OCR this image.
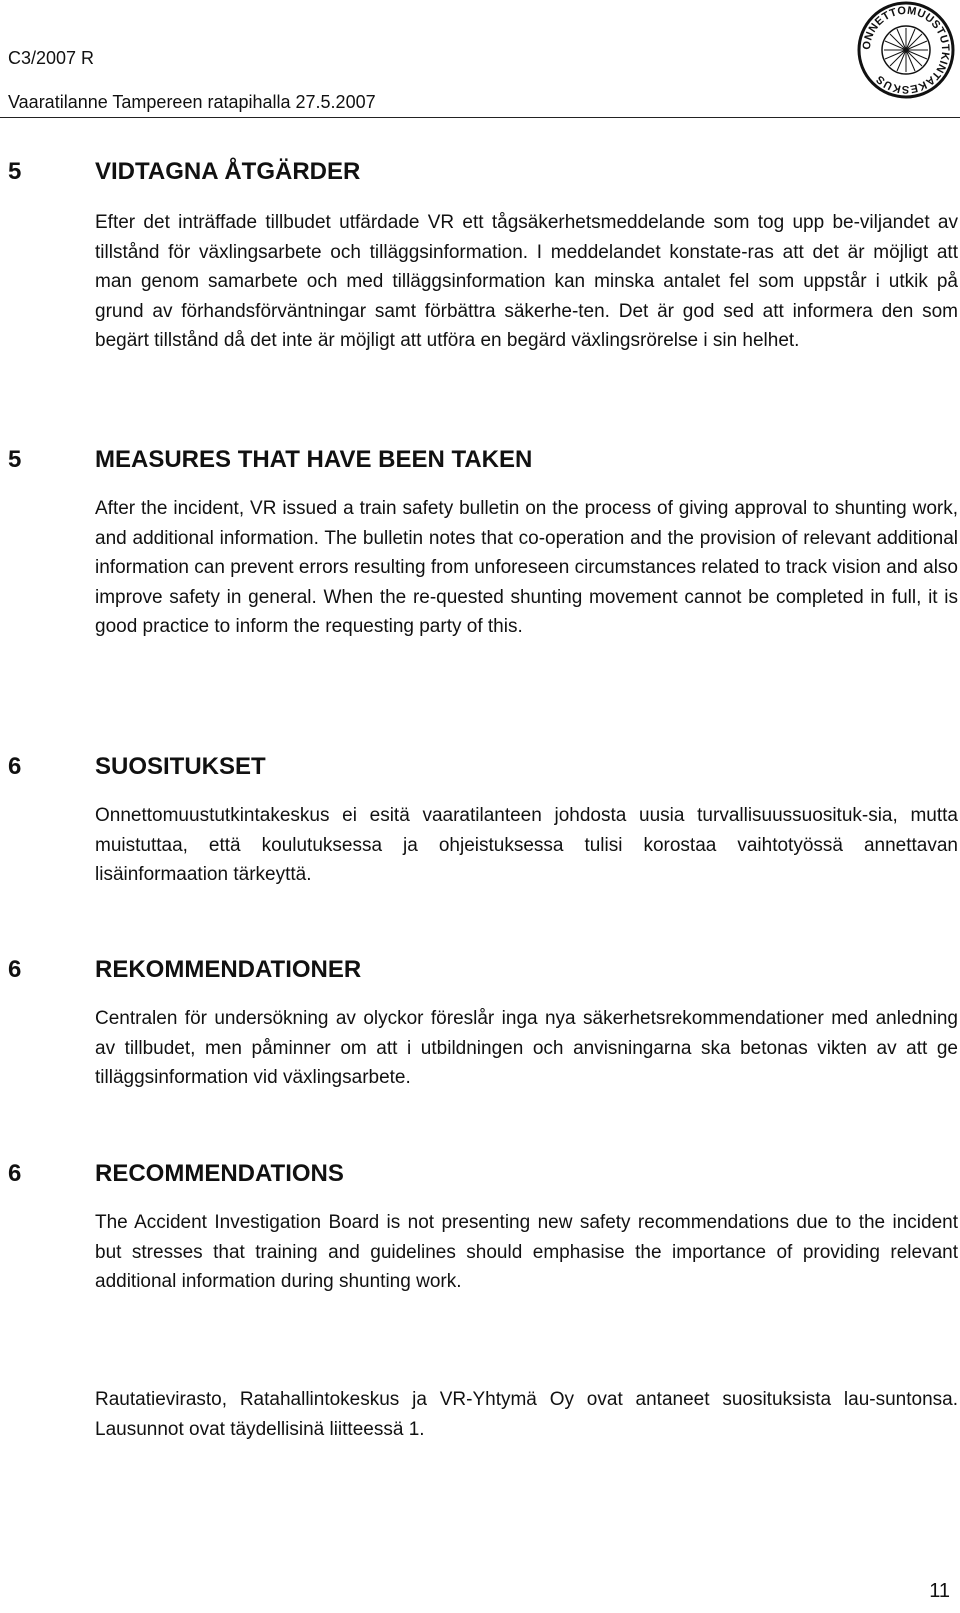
C3/2007 R
Vaaratilanne Tampereen ratapihalla 27.5.2007
ONNETTOMUUSTUTKINTAKESKUS
5	VIDTAGNA ÅTGÄRDER
Efter det inträffade tillbudet utfärdade VR ett tågsäkerhetsmeddelande som tog upp be-viljandet av tillstånd för växlingsarbete och tilläggsinformation. I meddelandet konstate-ras att det är möjligt att man genom samarbete och med tilläggsinformation kan minska antalet fel som uppstår i utkik på grund av förhandsförväntningar samt förbättra säkerhe-ten. Det är god sed att informera den som begärt tillstånd då det inte är möjligt att utföra en begärd växlingsrörelse i sin helhet.
5	MEASURES THAT HAVE BEEN TAKEN
After the incident, VR issued a train safety bulletin on the process of giving approval to shunting work, and additional information. The bulletin notes that co-operation and the provision of relevant additional information can prevent errors resulting from unforeseen circumstances related to track vision and also improve safety in general. When the re-quested shunting movement cannot be completed in full, it is good practice to inform the requesting party of this.
6	SUOSITUKSET
Onnettomuustutkintakeskus ei esitä vaaratilanteen johdosta uusia turvallisuussuosituk-sia, mutta muistuttaa, että koulutuksessa ja ohjeistuksessa tulisi korostaa vaihtotyössä annettavan lisäinformaation tärkeyttä.
6	REKOMMENDATIONER
Centralen för undersökning av olyckor föreslår inga nya säkerhetsrekommendationer med anledning av tillbudet, men påminner om att i utbildningen och anvisningarna ska betonas vikten av att ge tilläggsinformation vid växlingsarbete.
6	RECOMMENDATIONS
The Accident Investigation Board is not presenting new safety recommendations due to the incident but stresses that training and guidelines should emphasise the importance of providing relevant additional information during shunting work.
Rautatievirasto, Ratahallintokeskus ja VR-Yhtymä Oy ovat antaneet suosituksista lau-suntonsa. Lausunnot ovat täydellisinä liitteessä 1.
11
